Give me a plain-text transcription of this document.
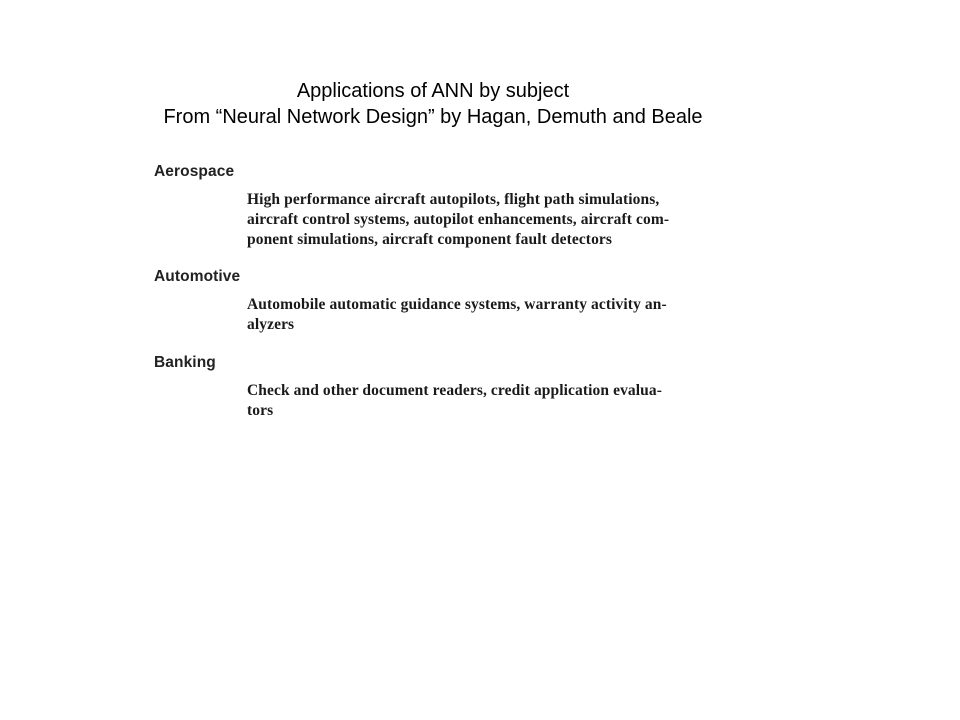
Applications of ANN by subject
From “Neural Network Design” by Hagan, Demuth and Beale
Aerospace
High performance aircraft autopilots, flight path simulations,
aircraft control systems, autopilot enhancements, aircraft com-
ponent simulations, aircraft component fault detectors
Automotive
Automobile automatic guidance systems, warranty activity an-
alyzers
Banking
Check and other document readers, credit application evalua-
tors
